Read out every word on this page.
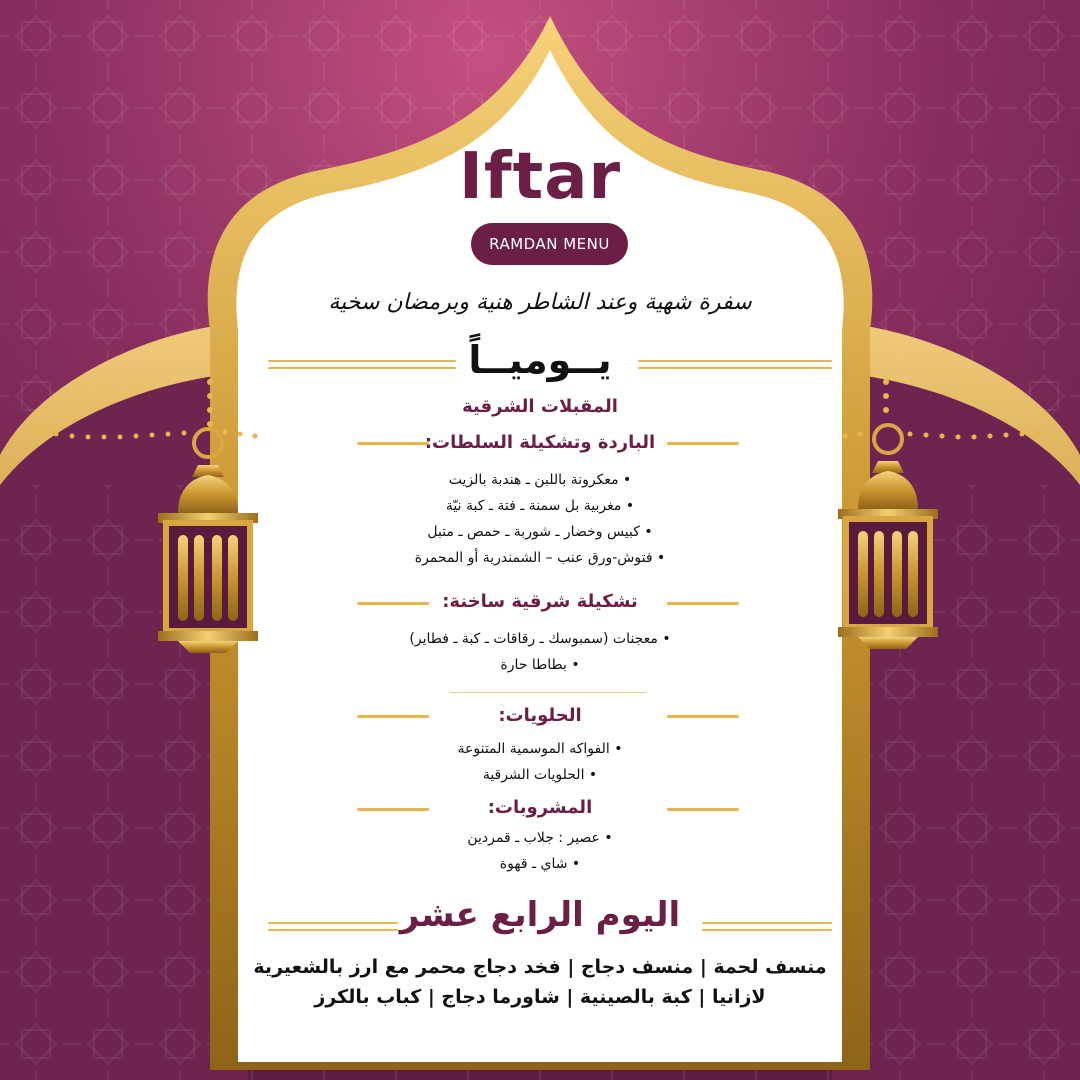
Iftar
RAMDAN MENU
سفرة شهية وعند الشاطر هنية وبرمضان سخية
يــوميــاً
المقبلات الشرقية
الباردة وتشكيلة السلطات:
• معكرونة باللبن ـ هندبة بالزيت
• مغربية بل سمنة ـ فتة ـ كبة نيّة
• كبيس وخضار ـ شوربة ـ حمص ـ متبل
• فتوش-ورق عنب – الشمندرية أو المحمرة
تشكيلة شرقية ساخنة:
• معجنات (سمبوسك ـ رقاقات ـ كبة ـ فطاير)
• بطاطا حارة
الحلويات:
• الفواكه الموسمية المتنوعة
• الحلويات الشرقية
المشروبات:
• عصير : جلاب ـ قمردين
• شاي ـ قهوة
اليوم الرابع عشر
منسف لحمة | منسف دجاج | فخد دجاج محمر مع ارز بالشعيرية
لازانيا | كبة بالصينية | شاورما دجاج | كباب بالكرز
